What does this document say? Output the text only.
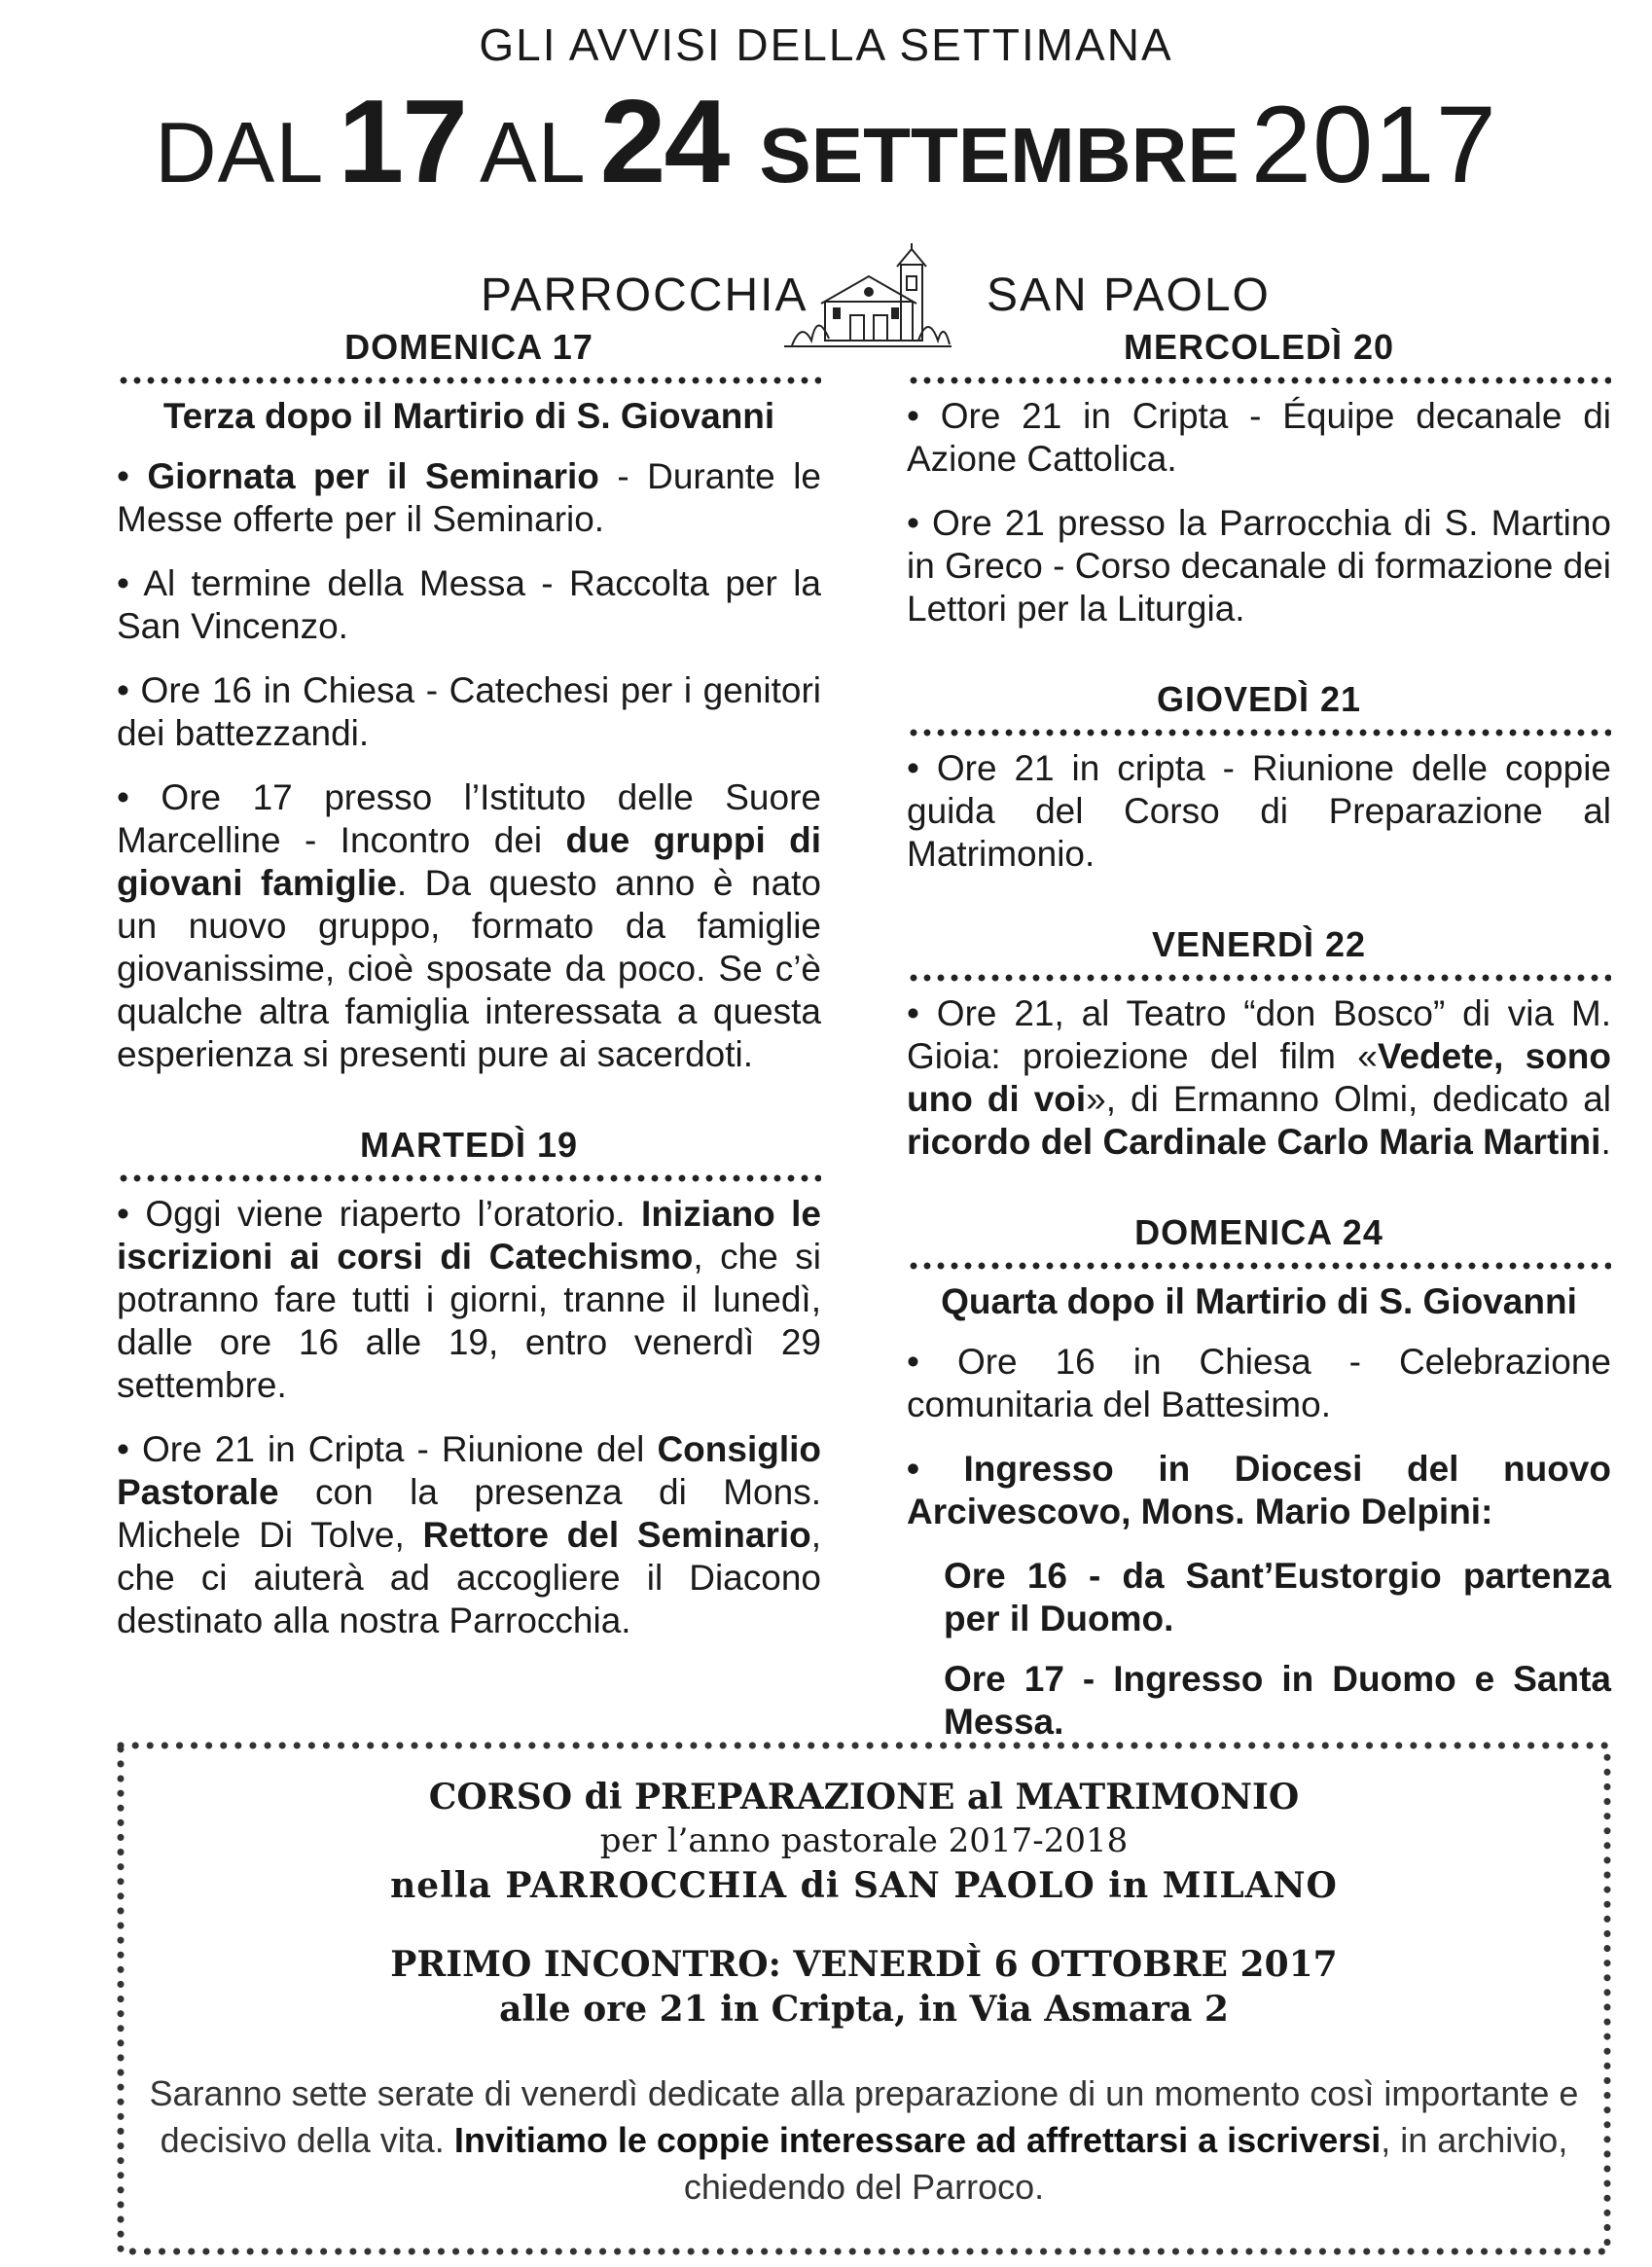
GLI AVVISI DELLA SETTIMANA
DAL 17 AL 24 SETTEMBRE 2017
PARROCCHIA	SAN PAOLO
DOMENICA 17
Terza dopo il Martirio di S. Giovanni

• Giornata per il Seminario - Durante le Messe offerte per il Seminario.

• Al termine della Messa - Raccolta per la San Vincenzo.

• Ore 16 in Chiesa - Catechesi per i genitori dei battezzandi.

• Ore 17 presso l’Istituto delle Suore Marcelline - Incontro dei due gruppi di giovani famiglie. Da questo anno è nato un nuovo gruppo, formato da famiglie giovanissime, cioè sposate da poco. Se c’è qualche altra famiglia interessata a questa esperienza si presenti pure ai sacerdoti.

MARTEDÌ 19

• Oggi viene riaperto l’oratorio. Iniziano le iscrizioni ai corsi di Catechismo, che si potranno fare tutti i giorni, tranne il lunedì, dalle ore 16 alle 19, entro venerdì 29 settembre.

• Ore 21 in Cripta - Riunione del Consiglio Pastorale con la presenza di Mons. Michele Di Tolve, Rettore del Seminario, che ci aiuterà ad accogliere il Diacono destinato alla nostra Parrocchia.

MERCOLEDÌ 20

• Ore 21 in Cripta - Équipe decanale di Azione Cattolica.

• Ore 21 presso la Parrocchia di S. Martino in Greco - Corso decanale di formazione dei Lettori per la Liturgia.

GIOVEDÌ 21

• Ore 21 in cripta - Riunione delle coppie guida del Corso di Preparazione al Matrimonio.

VENERDÌ 22

• Ore 21, al Teatro “don Bosco” di via M. Gioia: proiezione del film «Vedete, sono uno di voi», di Ermanno Olmi, dedicato al ricordo del Cardinale Carlo Maria Martini.

DOMENICA 24
Quarta dopo il Martirio di S. Giovanni

• Ore 16 in Chiesa - Celebrazione comunitaria del Battesimo.

• Ingresso in Diocesi del nuovo Arcivescovo, Mons. Mario Delpini:

Ore 16 - da Sant’Eustorgio partenza per il Duomo.

Ore 17 - Ingresso in Duomo e Santa Messa.

CORSO di PREPARAZIONE al MATRIMONIO
per l’anno pastorale 2017-2018
nella PARROCCHIA di SAN PAOLO in MILANO
PRIMO INCONTRO: VENERDÌ 6 OTTOBRE 2017
alle ore 21 in Cripta, in Via Asmara 2
Saranno sette serate di venerdì dedicate alla preparazione di un momento così importante e decisivo della vita. Invitiamo le coppie interessare ad affrettarsi a iscriversi, in archivio, chiedendo del Parroco.
